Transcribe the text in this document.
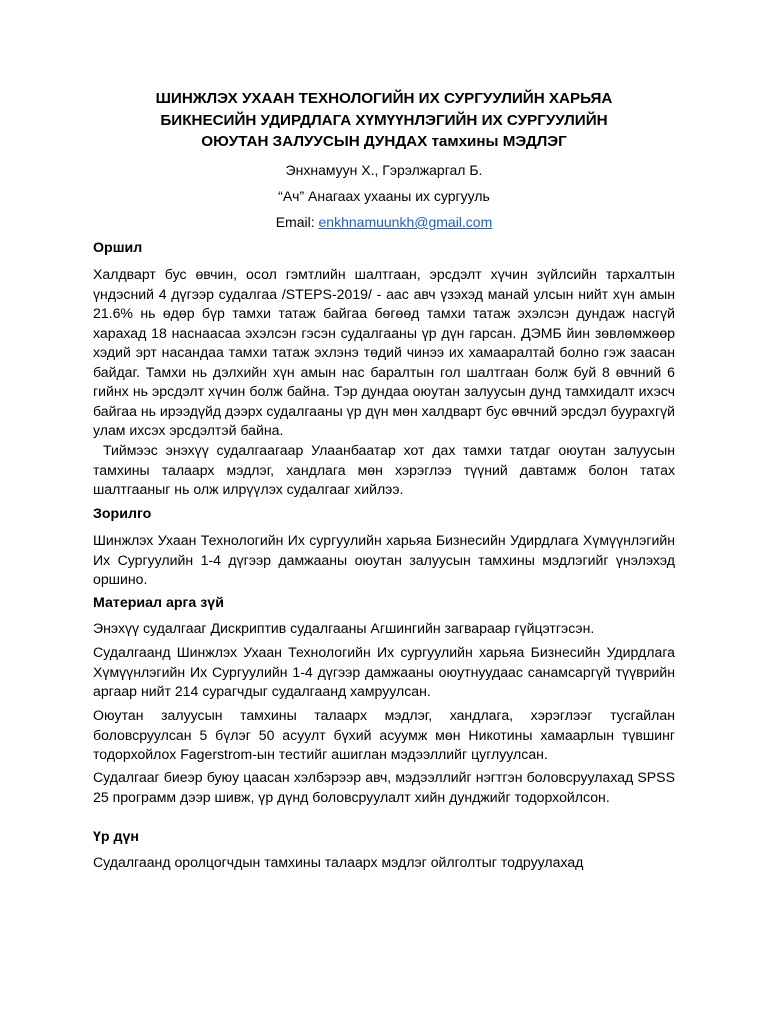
ШИНЖЛЭХ УХААН ТЕХНОЛОГИЙН ИХ СУРГУУЛИЙН ХАРЬЯА
БИКНЕСИЙН УДИРДЛАГА ХҮМҮҮНЛЭГИЙН ИХ СУРГУУЛИЙН
ОЮУТАН ЗАЛУУСЫН ДУНДАХ тамхины МЭДЛЭГ

Энхнамуун Х., Гэрэлжаргал Б.

“Ач” Анагаах ухааны их сургууль

Email: enkhnamuunkh@gmail.com

Оршил

Халдварт бус өвчин, осол гэмтлийн шалтгаан, эрсдэлт хүчин зүйлсийн тархалтын үндэсний 4 дүгээр судалгаа /STEPS-2019/ - аас авч үзэхэд манай улсын нийт хүн амын 21.6% нь өдөр бүр тамхи татаж байгаа бөгөөд тамхи татаж эхэлсэн дундаж насгүй харахад 18 наснаасаа эхэлсэн гэсэн судалгааны үр дүн гарсан. ДЭМБ йин зөвлөмжөөр хэдий эрт насандаа тамхи татаж эхлэнэ төдий чинээ их хамааралтай болно гэж заасан байдаг. Тамхи нь дэлхийн хүн амын нас баралтын гол шалтгаан болж буй 8 өвчний 6 гийнх нь эрсдэлт хүчин болж байна. Тэр дундаа оюутан залуусын дунд тамхидалт ихэсч байгаа нь ирээдүйд дээрх судалгааны үр дүн мөн халдварт бус өвчний эрсдэл буурахгүй улам ихсэх эрсдэлтэй байна.

Тиймээс энэхүү судалгаагаар Улаанбаатар хот дах тамхи татдаг оюутан залуусын тамхины талаарх мэдлэг, хандлага мөн хэрэглээ түүний давтамж болон татах шалтгааныг нь олж илрүүлэх судалгааг хийлээ.

Зорилго

Шинжлэх Ухаан Технологийн Их сургуулийн харьяа Бизнесийн Удирдлага Хүмүүнлэгийн Их Сургуулийн 1-4 дүгээр дамжааны оюутан залуусын тамхины мэдлэгийг үнэлэхэд оршино.

Материал арга зүй

Энэхүү судалгааг Дискриптив судалгааны Агшингийн загвараар гүйцэтгэсэн.

Судалгаанд Шинжлэх Ухаан Технологийн Их сургуулийн харьяа Бизнесийн Удирдлага Хүмүүнлэгийн Их Сургуулийн 1-4 дүгээр дамжааны оюутнуудаас санамсаргүй түүврийн аргаар нийт 214 сурагчдыг судалгаанд хамруулсан.

Оюутан залуусын тамхины талаарх мэдлэг, хандлага, хэрэглээг тусгайлан боловсруулсан 5 бүлэг 50 асуулт бүхий асуумж мөн Никотины хамаарлын түвшинг тодорхойлох Fagerstrom-ын тестийг ашиглан мэдээллийг цуглуулсан.

Судалгааг биеэр буюу цаасан хэлбэрээр авч, мэдээллийг нэгтгэн боловсруулахад SPSS 25 программ дээр шивж, үр дүнд боловсруулалт хийн дунджийг тодорхойлсон.

Үр дүн

Судалгаанд оролцогчдын тамхины талаарх мэдлэг ойлголтыг тодруулахад
